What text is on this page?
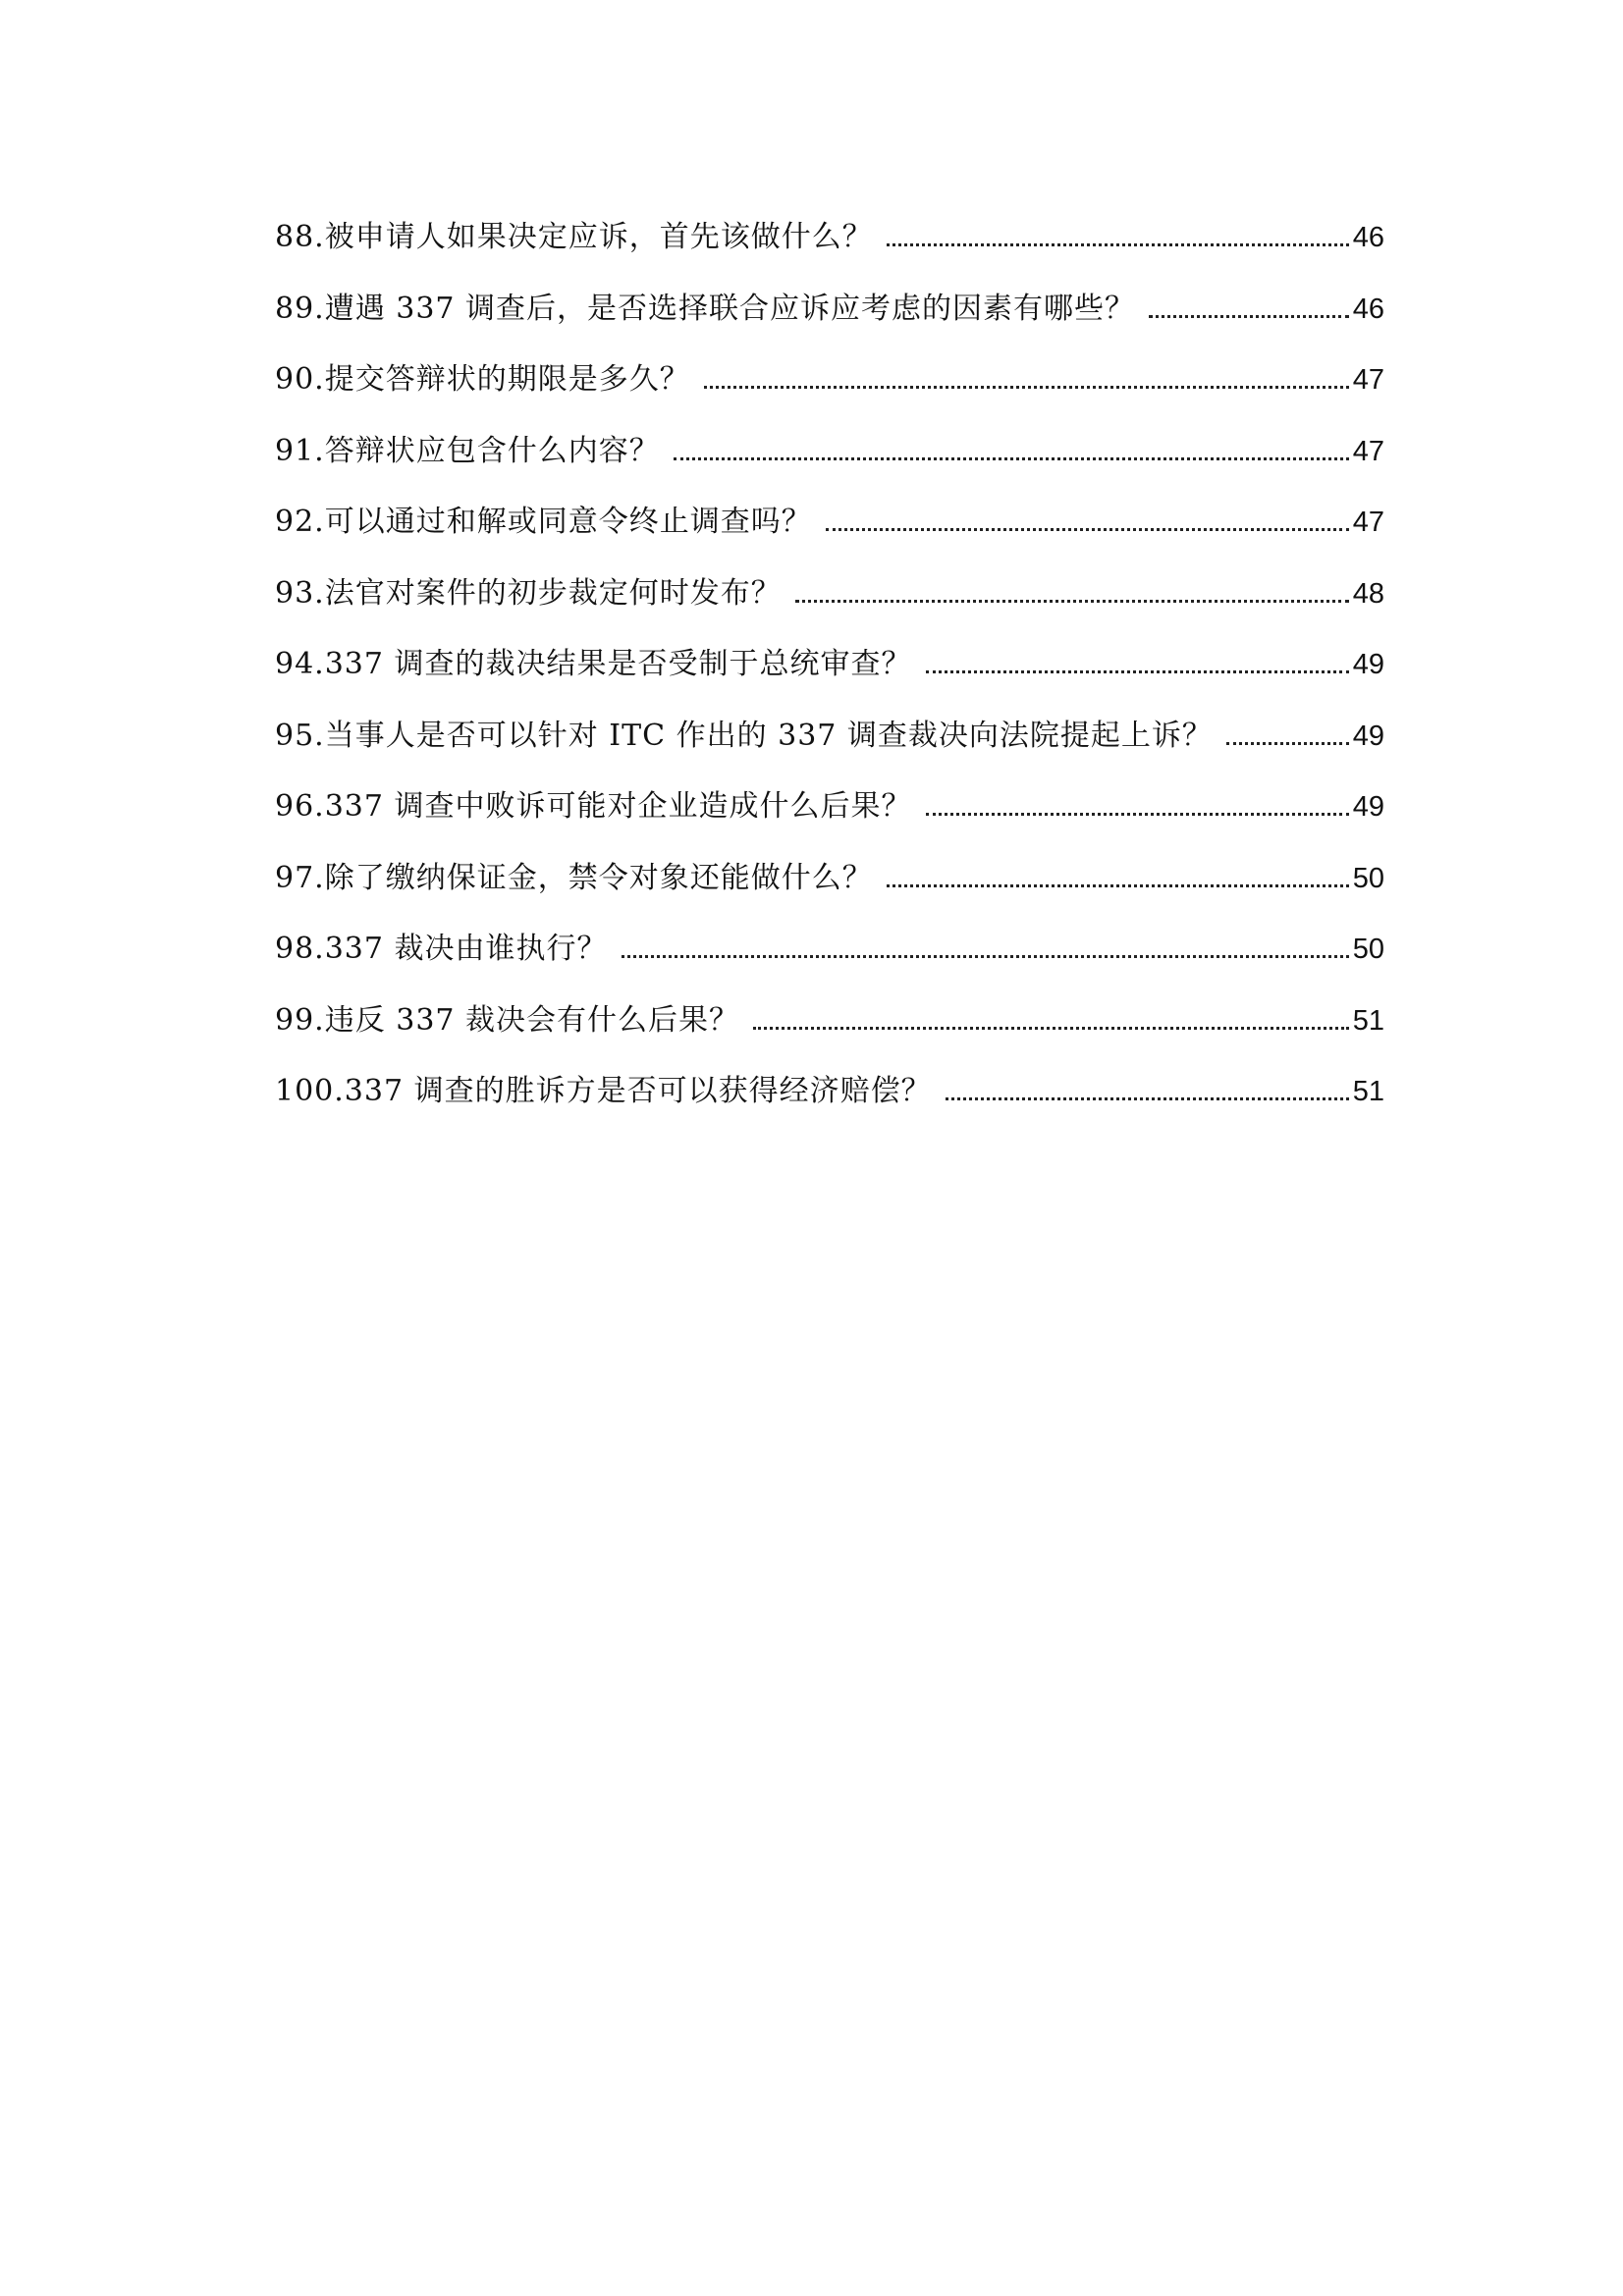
88.被申请人如果决定应诉，首先该做什么？	46
89.遭遇 337 调查后，是否选择联合应诉应考虑的因素有哪些？	46
90.提交答辩状的期限是多久？	47
91.答辩状应包含什么内容？	47
92.可以通过和解或同意令终止调查吗？	47
93.法官对案件的初步裁定何时发布？	48
94.337 调查的裁决结果是否受制于总统审查？	49
95.当事人是否可以针对 ITC 作出的 337 调查裁决向法院提起上诉？	49
96.337 调查中败诉可能对企业造成什么后果？	49
97.除了缴纳保证金，禁令对象还能做什么？	50
98.337 裁决由谁执行？	50
99.违反 337 裁决会有什么后果？	51
100.337 调查的胜诉方是否可以获得经济赔偿？	51
